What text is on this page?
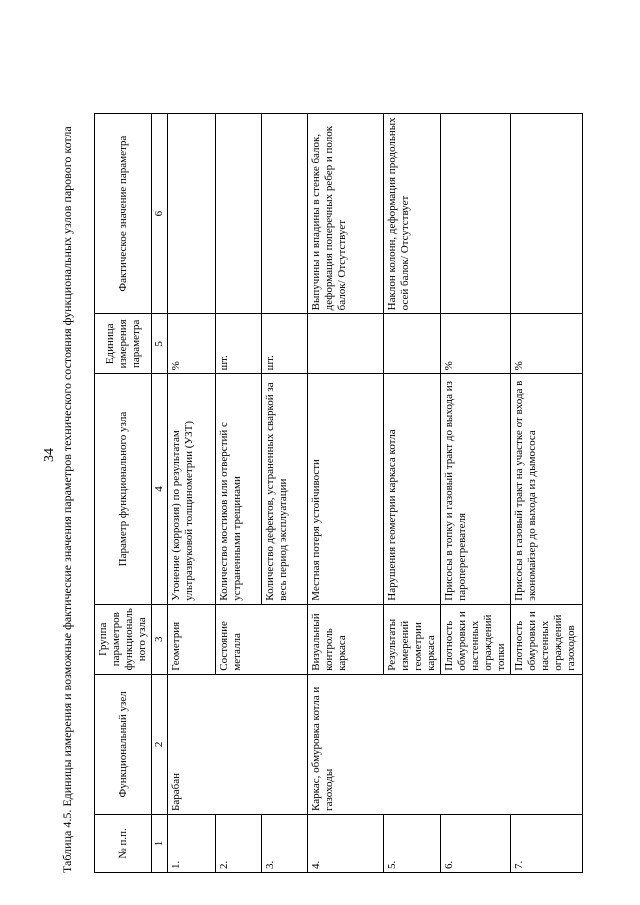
34 Таблица 4.5. Единицы измерения и возможные фактические значения параметров технического состояния функциональных узлов парового котла	№ п.п.	Функциональный узел	Группа параметров функционального узла	Параметр функционального узла	Единица измерения параметра	Фактическое значение параметра
1	2	3	4	5	6
1.	Барабан	Геометрия	Утонение (коррозия) по результатам ультразвуковой толщинометрии (УЗТ)	%	
2.		Состояние металла	Количество мостиков или отверстий с устраненными трещинами	шт.	
3.			Количество дефектов, устраненных сваркой за весь период эксплуатации	шт.	
4.	Каркас, обмуровка котла и газоходы	Визуальный контроль каркаса	Местная потеря устойчивости		Выпучины и впадины в стенке балок, деформация поперечных ребер и полок балок/ Отсутствует
5.		Результаты измерений геометрии каркаса	Нарушения геометрии каркаса котла		Наклон колонн, деформация продольных осей балок/ Отсутствует
6.		Плотность обмуровки и настенных ограждений топки	Присосы в топку и газовый тракт до выхода из пароперегревателя	%	
7.		Плотность обмуровки и настенных ограждений газоходов	Присосы в газовый тракт на участке от входа в экономайзер до выхода из дымососа	%	
